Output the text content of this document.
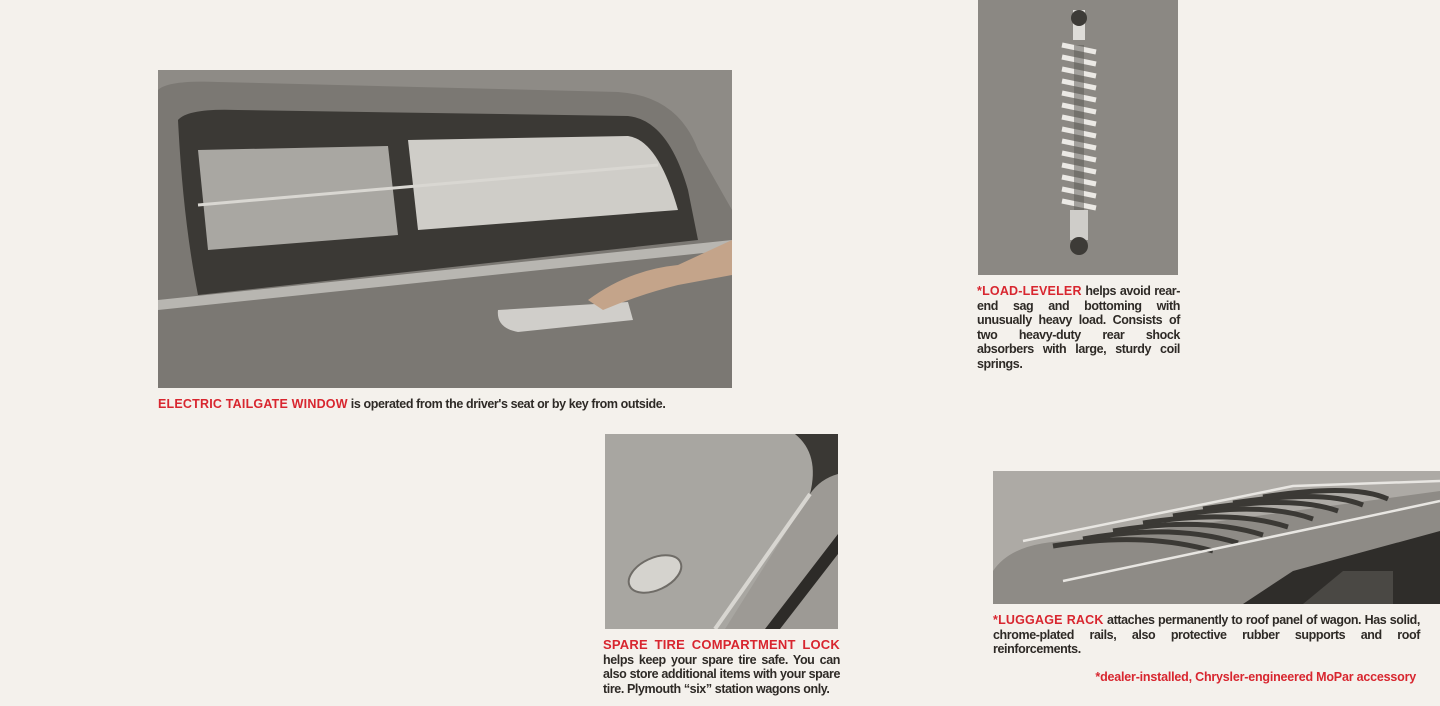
ELECTRIC TAILGATE WINDOW is operated from the driver's seat or by key from outside.
SPARE TIRE COMPARTMENT LOCK
helps keep your spare tire safe. You can also store additional items with your spare tire. Plymouth “six” station wagons only.
*LOAD-LEVELER helps avoid rear-end sag and bottoming with unusually heavy load. Consists of two heavy-duty rear shock absorbers with large, sturdy coil springs.
*LUGGAGE RACK attaches permanently to roof panel of wagon. Has solid, chrome-plated rails, also protective rubber supports and roof reinforcements.
*dealer-installed, Chrysler-engineered MoPar accessory
